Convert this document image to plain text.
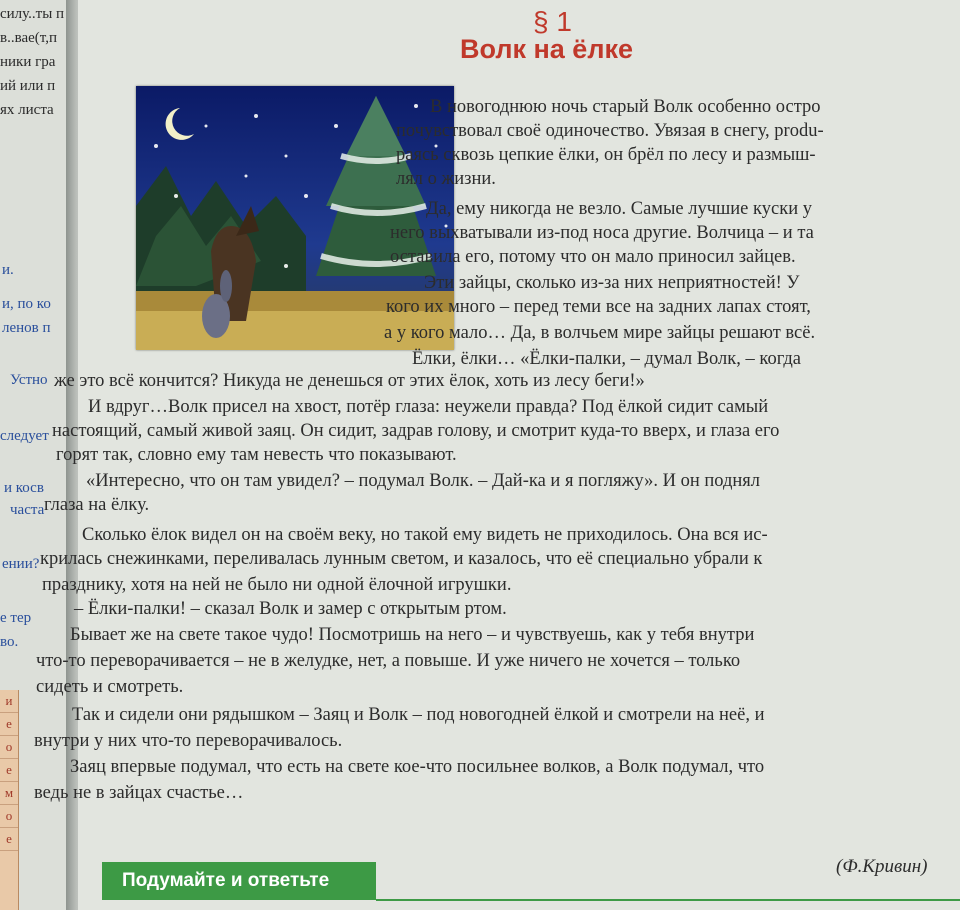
силу..ты п
в..вае(т,п
ники гра
ий или п
ях листа
и.
и, по ко
ленов п
Устно
следует
и косв
часта
ении?
е тер
во.
и
е
о
е
м
о
е
§ 1
Волк на ёлке
В новогоднюю ночь старый Волк особенно остро
почувствовал своё одиночество. Увязая в снегу, produ-
раясь сквозь цепкие ёлки, он брёл по лесу и размыш-
лял о жизни.
Да, ему никогда не везло. Самые лучшие куски у
него выхватывали из-под носа другие. Волчица – и та
оставила его, потому что он мало приносил зайцев.
Эти зайцы, сколько из-за них неприятностей! У
кого их много – перед теми все на задних лапах стоят,
а у кого мало… Да, в волчьем мире зайцы решают всё.
Ёлки, ёлки… «Ёлки-палки, – думал Волк, – когда
же это всё кончится? Никуда не денешься от этих ёлок, хоть из лесу беги!»
И вдруг…Волк присел на хвост, потёр глаза: неужели правда? Под ёлкой сидит самый
настоящий, самый живой заяц. Он сидит, задрав голову, и смотрит куда-то вверх, и глаза его
горят так, словно ему там невесть что показывают.
«Интересно, что он там увидел? – подумал Волк. – Дай-ка и я погляжу». И он поднял
глаза на ёлку.
Сколько ёлок видел он на своём веку, но такой ему видеть не приходилось. Она вся ис-
крилась снежинками, переливалась лунным светом, и казалось, что её специально убрали к
празднику, хотя на ней не было ни одной ёлочной игрушки.
– Ёлки-палки! – сказал Волк и замер с открытым ртом.
Бывает же на свете такое чудо! Посмотришь на него – и чувствуешь, как у тебя внутри
что-то переворачивается – не в желудке, нет, а повыше. И уже ничего не хочется – только
сидеть и смотреть.
Так и сидели они рядышком – Заяц и Волк – под новогодней ёлкой и смотрели на неё, и
внутри у них что-то переворачивалось.
Заяц впервые подумал, что есть на свете кое-что посильнее волков, а Волк подумал, что
ведь не в зайцах счастье…
(Ф.Кривин)
Подумайте и ответьте
